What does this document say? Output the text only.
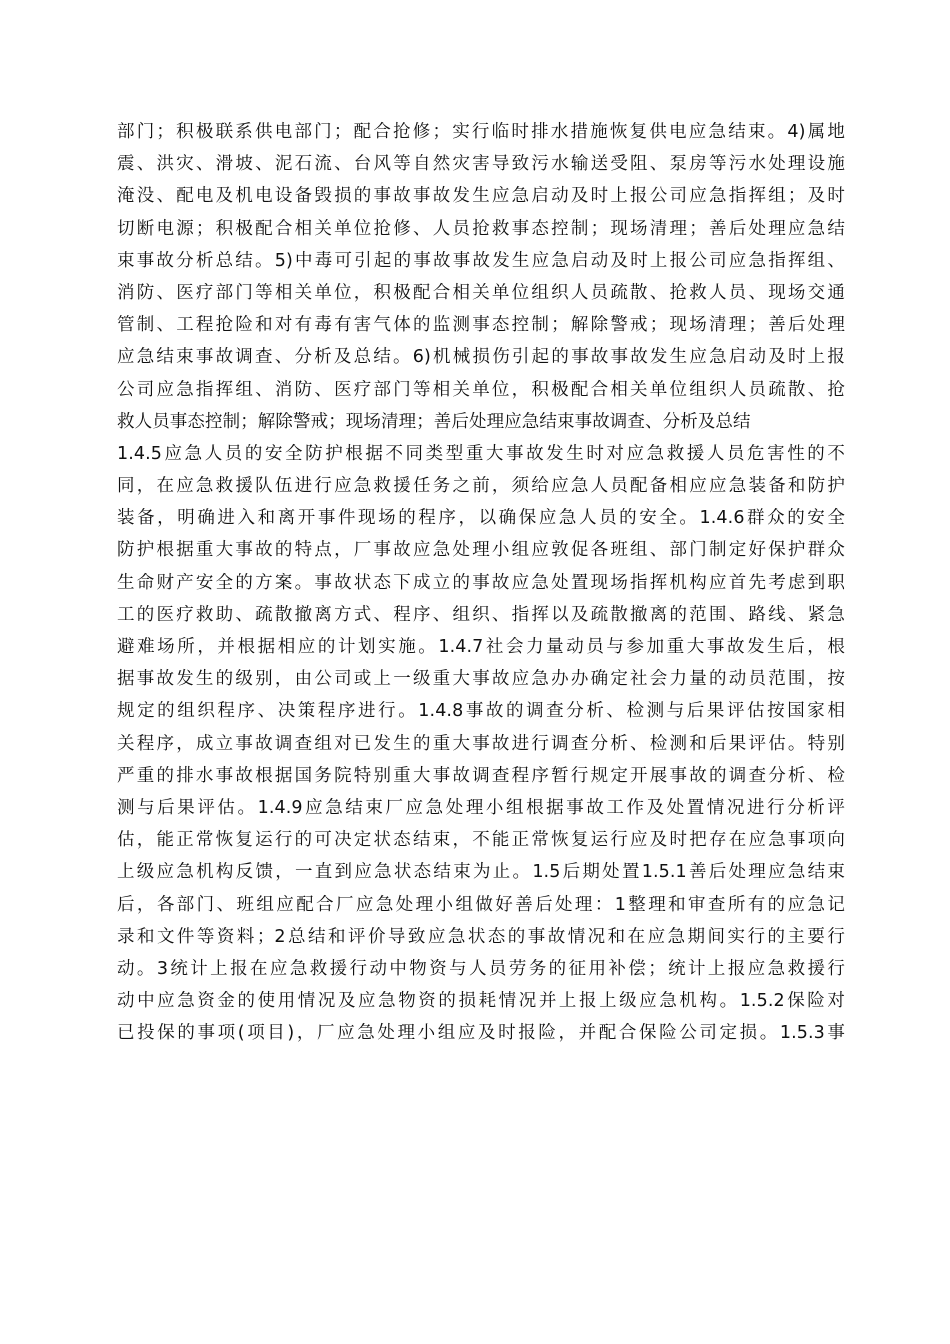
部门；积极联系供电部门；配合抢修；实行临时排水措施恢复供电应急结束。4)属地
震、洪灾、滑坡、泥石流、台风等自然灾害导致污水输送受阻、泵房等污水处理设施
淹没、配电及机电设备毁损的事故事故发生应急启动及时上报公司应急指挥组；及时
切断电源；积极配合相关单位抢修、人员抢救事态控制；现场清理；善后处理应急结
束事故分析总结。5)中毒可引起的事故事故发生应急启动及时上报公司应急指挥组、
消防、医疗部门等相关单位，积极配合相关单位组织人员疏散、抢救人员、现场交通
管制、工程抢险和对有毒有害气体的监测事态控制；解除警戒；现场清理；善后处理
应急结束事故调查、分析及总结。6)机械损伤引起的事故事故发生应急启动及时上报
公司应急指挥组、消防、医疗部门等相关单位，积极配合相关单位组织人员疏散、抢
救人员事态控制；解除警戒；现场清理；善后处理应急结束事故调查、分析及总结
1.4.5应急人员的安全防护根据不同类型重大事故发生时对应急救援人员危害性的不
同，在应急救援队伍进行应急救援任务之前，须给应急人员配备相应应急装备和防护
装备，明确进入和离开事件现场的程序，以确保应急人员的安全。1.4.6群众的安全
防护根据重大事故的特点，厂事故应急处理小组应敦促各班组、部门制定好保护群众
生命财产安全的方案。事故状态下成立的事故应急处置现场指挥机构应首先考虑到职
工的医疗救助、疏散撤离方式、程序、组织、指挥以及疏散撤离的范围、路线、紧急
避难场所，并根据相应的计划实施。1.4.7社会力量动员与参加重大事故发生后，根
据事故发生的级别，由公司或上一级重大事故应急办办确定社会力量的动员范围，按
规定的组织程序、决策程序进行。1.4.8事故的调查分析、检测与后果评估按国家相
关程序，成立事故调查组对已发生的重大事故进行调查分析、检测和后果评估。特别
严重的排水事故根据国务院特别重大事故调查程序暂行规定开展事故的调查分析、检
测与后果评估。1.4.9应急结束厂应急处理小组根据事故工作及处置情况进行分析评
估，能正常恢复运行的可决定状态结束，不能正常恢复运行应及时把存在应急事项向
上级应急机构反馈，一直到应急状态结束为止。1.5后期处置1.5.1善后处理应急结束
后，各部门、班组应配合厂应急处理小组做好善后处理：1整理和审查所有的应急记
录和文件等资料；2总结和评价导致应急状态的事故情况和在应急期间实行的主要行
动。3统计上报在应急救援行动中物资与人员劳务的征用补偿；统计上报应急救援行
动中应急资金的使用情况及应急物资的损耗情况并上报上级应急机构。1.5.2保险对
已投保的事项(项目)，厂应急处理小组应及时报险，并配合保险公司定损。1.5.3事
